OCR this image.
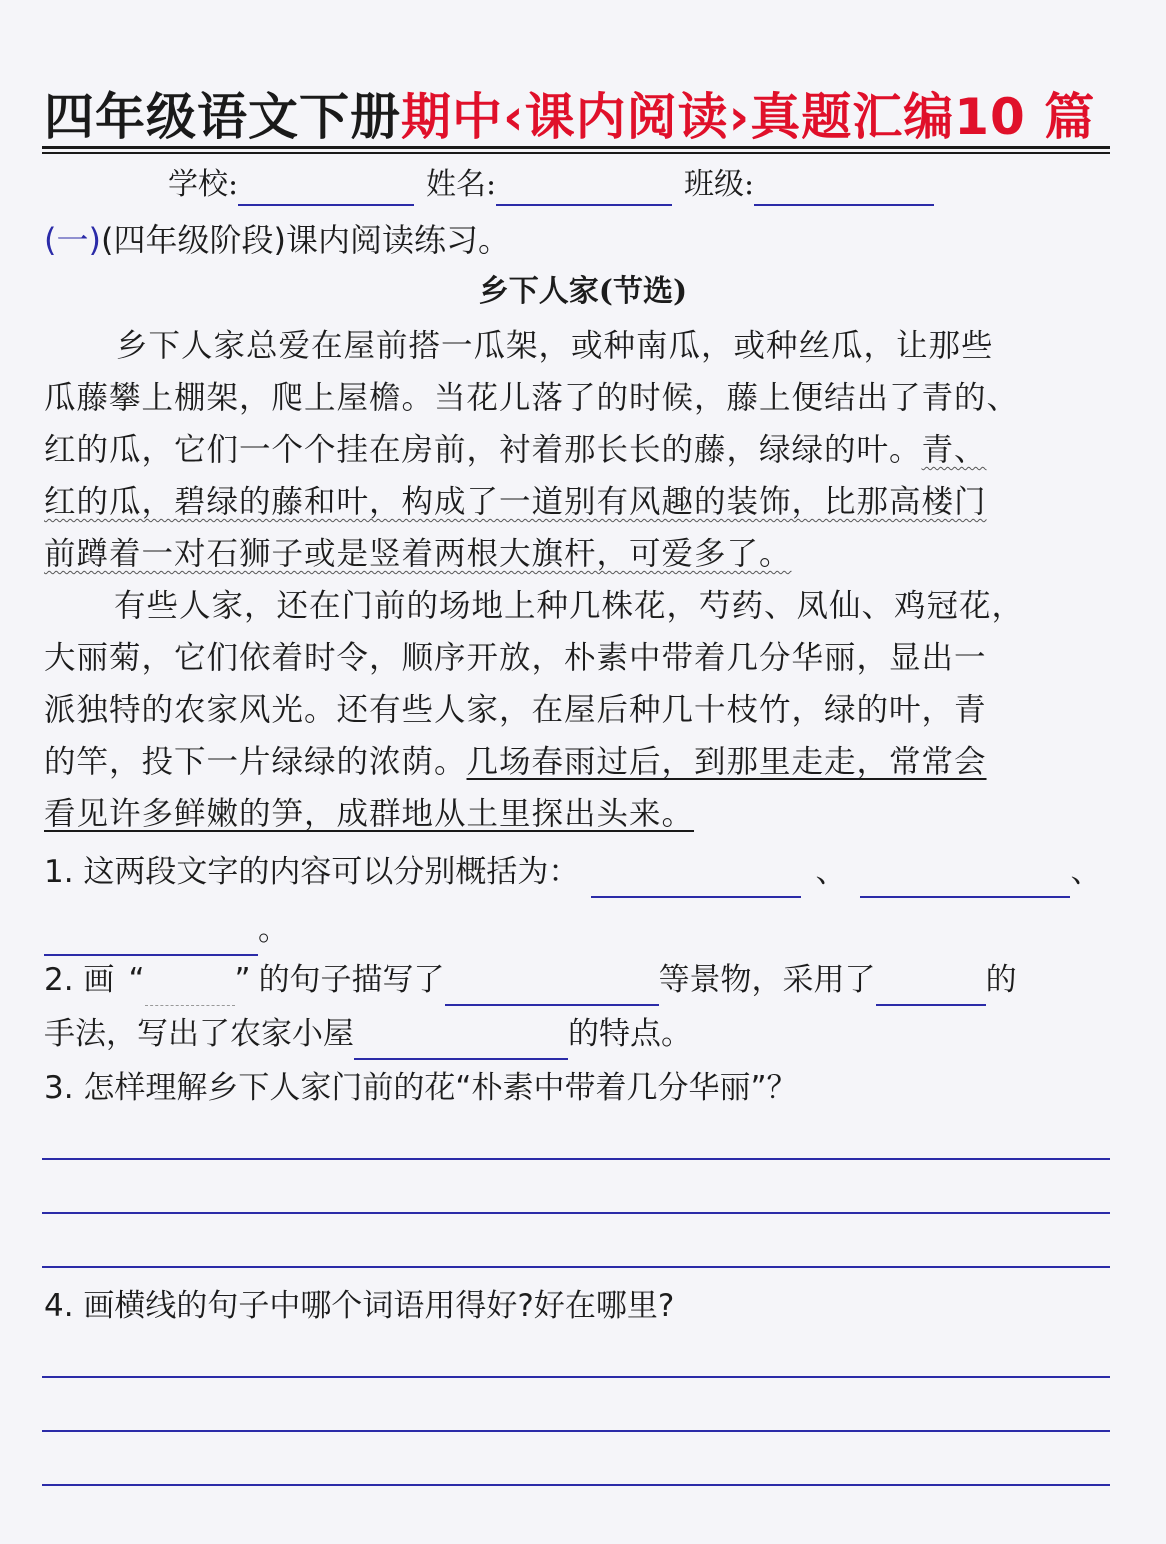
四年级语文下册期中‹课内阅读›真题汇编10 篇
学校:	姓名:	班级:
(一)(四年级阶段)课内阅读练习。
乡下人家(节选)
乡下人家总爱在屋前搭一瓜架，或种南瓜，或种丝瓜，让那些
瓜藤攀上棚架，爬上屋檐。当花儿落了的时候，藤上便结出了青的、
红的瓜，它们一个个挂在房前，衬着那长长的藤，绿绿的叶。青、
红的瓜，碧绿的藤和叶，构成了一道别有风趣的装饰，比那高楼门
前蹲着一对石狮子或是竖着两根大旗杆，可爱多了。
有些人家，还在门前的场地上种几株花，芍药、凤仙、鸡冠花，
大丽菊，它们依着时令，顺序开放，朴素中带着几分华丽，显出一
派独特的农家风光。还有些人家，在屋后种几十枝竹，绿的叶，青
的竿，投下一片绿绿的浓荫。几场春雨过后，到那里走走，常常会
看见许多鲜嫩的笋，成群地从土里探出头来。
1. 这两段文字的内容可以分别概括为：	、	、
。
2. 画 “	” 的句子描写了	等景物，采用了	的
手法，写出了农家小屋	的特点。
3. 怎样理解乡下人家门前的花“朴素中带着几分华丽”？
4. 画横线的句子中哪个词语用得好?好在哪里?
